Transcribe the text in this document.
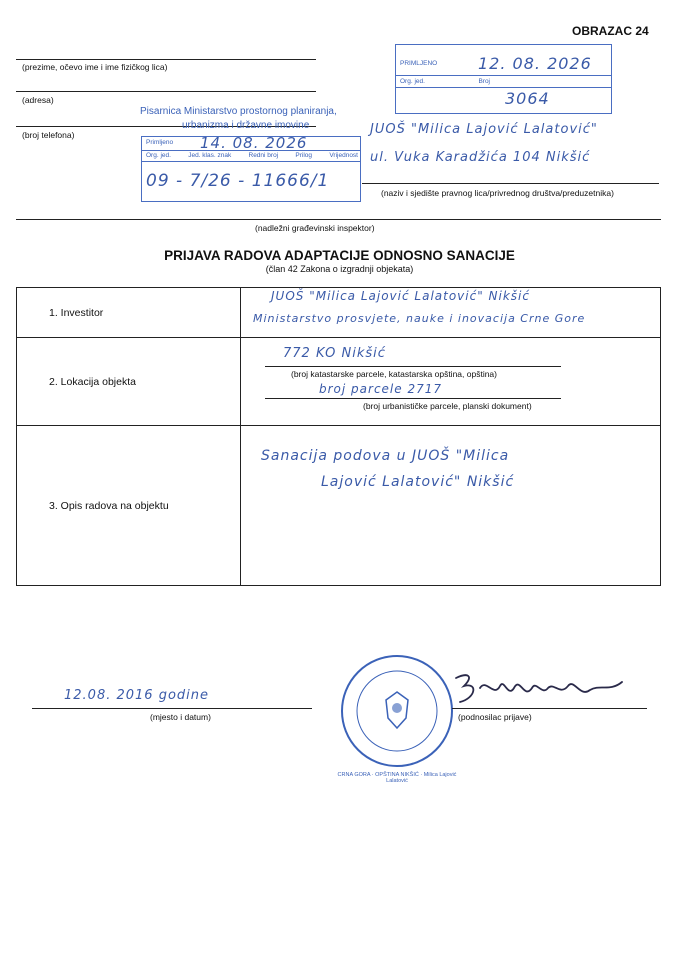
OBRAZAC 24
(prezime, očevo ime i ime fizičkog lica)
(adresa)
(broj telefona)
Pisarnica Ministarstvo prostornog planiranja,
urbanizma i državne imovine
Primljeno 14. 08. 2026
Org. jed.	Jed. klas. znak	Redni broj	Prilog	Vrijednost
09 - 7/26 - 11666/1
PRIMLJENO	12. 08. 2026
Org. jed.	Broj
3064
JUOŠ "Milica Lajović Lalatović"
ul. Vuka Karadžića 104 Nikšić
(naziv i sjedište pravnog lica/privrednog društva/preduzetnika)
(nadležni građevinski inspektor)
PRIJAVA RADOVA ADAPTACIJE ODNOSNO SANACIJE
(član 42 Zakona o izgradnji objekata)
1. Investitor	JUOŠ "Milica Lajović Lalatović" Nikšić
Ministarstvo prosvjete, nauke i inovacija Crne Gore

2. Lokacija objekta	772 KO Nikšić
(broj katastarske parcele, katastarska opština, opština)
broj parcele 2717
(broj urbanističke parcele, planski dokument)

3. Opis radova na objektu	Sanacija podova u JUOŠ "Milica
Lajović Lalatović" Nikšić
12.08. 2016 godine
(mjesto i datum)
CRNA GORA · OPŠTINA NIKŠIĆ · Milica Lajović Lalatović
(podnosilac prijave)
